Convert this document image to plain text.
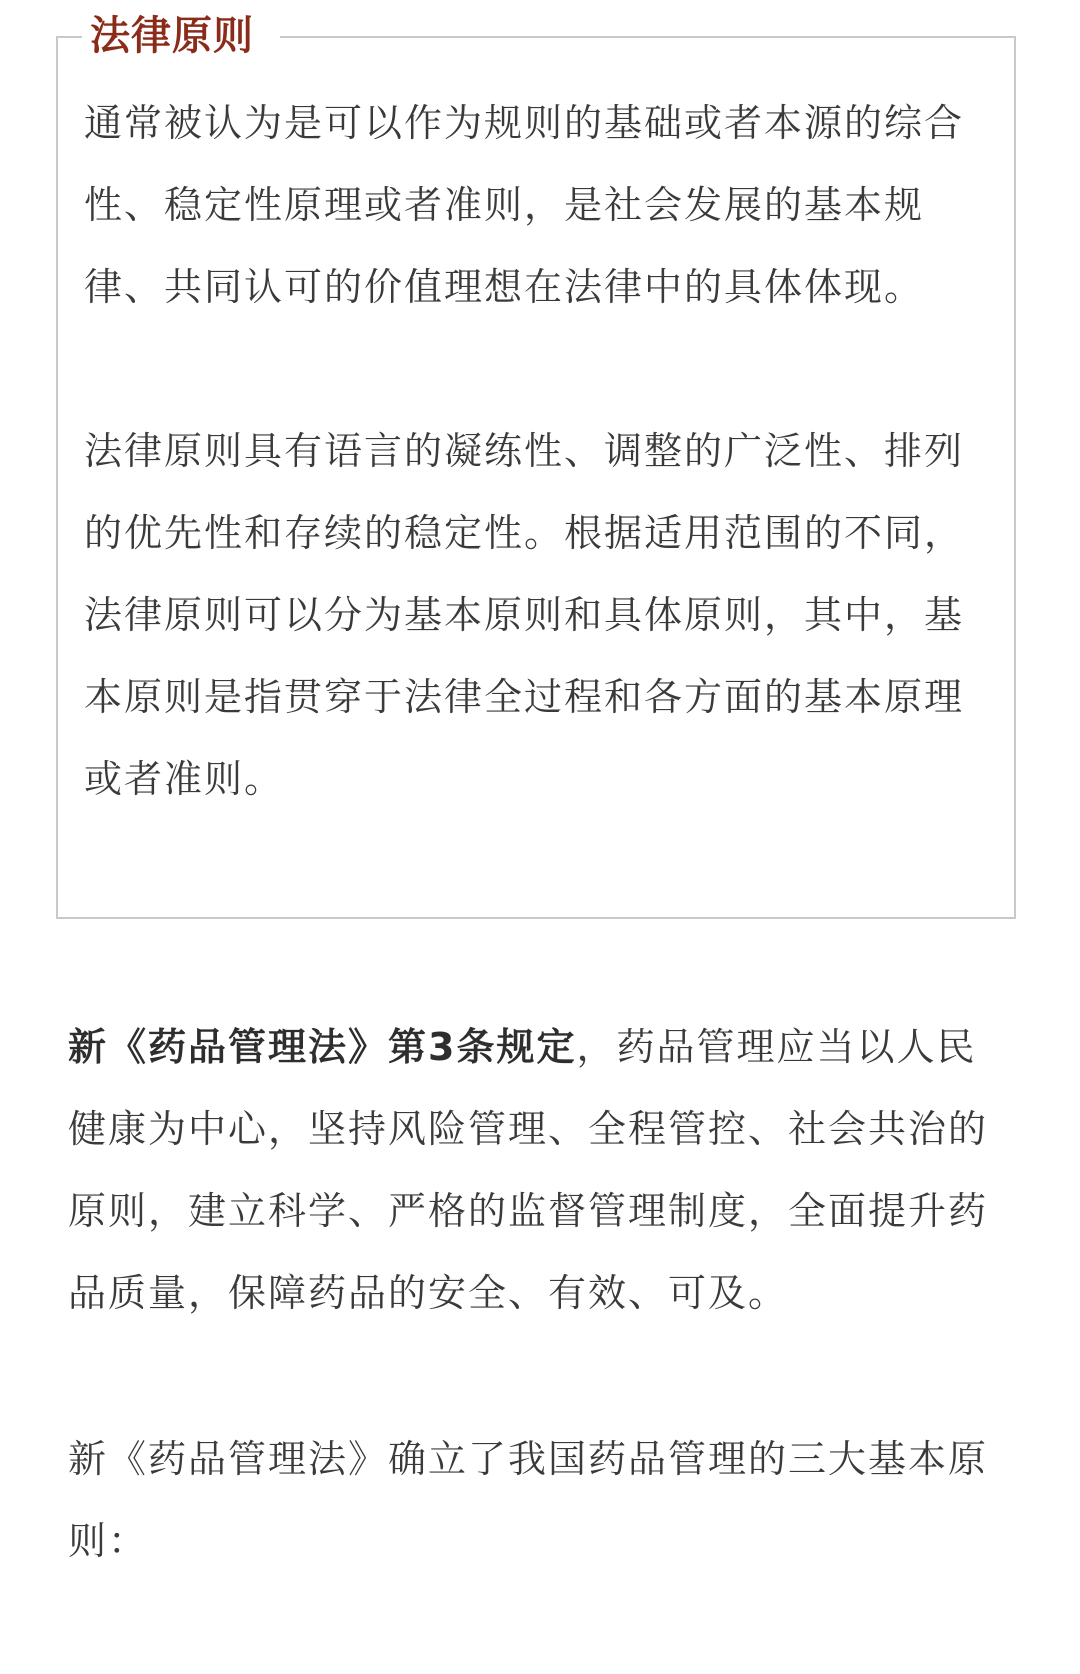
法律原则

通常被认为是可以作为规则的基础或者本源的综合性、稳定性原理或者准则，是社会发展的基本规律、共同认可的价值理想在法律中的具体体现。

法律原则具有语言的凝练性、调整的广泛性、排列的优先性和存续的稳定性。根据适用范围的不同，法律原则可以分为基本原则和具体原则，其中，基本原则是指贯穿于法律全过程和各方面的基本原理或者准则。

新《药品管理法》第3条规定，药品管理应当以人民健康为中心，坚持风险管理、全程管控、社会共治的原则，建立科学、严格的监督管理制度，全面提升药品质量，保障药品的安全、有效、可及。

新《药品管理法》确立了我国药品管理的三大基本原则：
